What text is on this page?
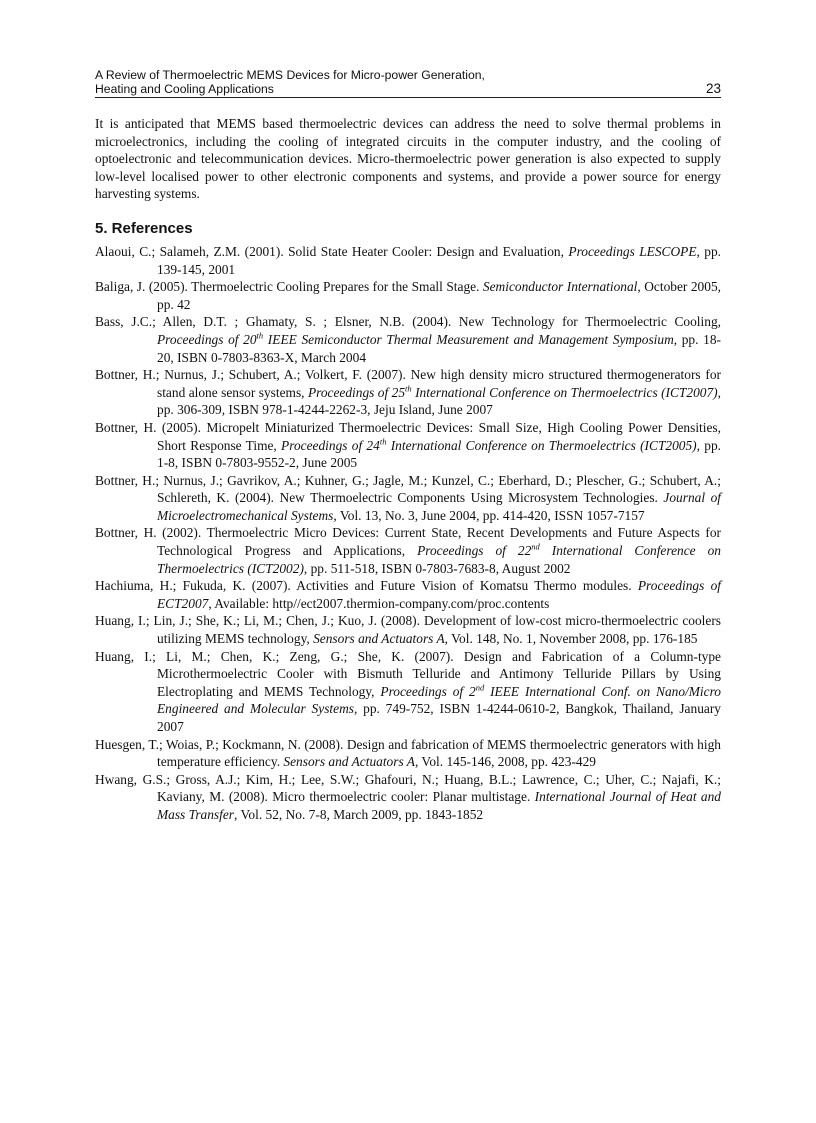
A Review of Thermoelectric MEMS Devices for Micro-power Generation,
Heating and Cooling Applications	23

It is anticipated that MEMS based thermoelectric devices can address the need to solve thermal problems in microelectronics, including the cooling of integrated circuits in the computer industry, and the cooling of optoelectronic and telecommunication devices. Micro-thermoelectric power generation is also expected to supply low-level localised power to other electronic components and systems, and provide a power source for energy harvesting systems.

5. References
Alaoui, C.; Salameh, Z.M. (2001). Solid State Heater Cooler: Design and Evaluation, Proceedings LESCOPE, pp. 139-145, 2001
Baliga, J. (2005). Thermoelectric Cooling Prepares for the Small Stage. Semiconductor International, October 2005, pp. 42
Bass, J.C.; Allen, D.T. ; Ghamaty, S. ; Elsner, N.B. (2004). New Technology for Thermoelectric Cooling, Proceedings of 20th IEEE Semiconductor Thermal Measurement and Management Symposium, pp. 18-20, ISBN 0-7803-8363-X, March 2004
Bottner, H.; Nurnus, J.; Schubert, A.; Volkert, F. (2007). New high density micro structured thermogenerators for stand alone sensor systems, Proceedings of 25th International Conference on Thermoelectrics (ICT2007), pp. 306-309, ISBN 978-1-4244-2262-3, Jeju Island, June 2007
Bottner, H. (2005). Micropelt Miniaturized Thermoelectric Devices: Small Size, High Cooling Power Densities, Short Response Time, Proceedings of 24th International Conference on Thermoelectrics (ICT2005), pp. 1-8, ISBN 0-7803-9552-2, June 2005
Bottner, H.; Nurnus, J.; Gavrikov, A.; Kuhner, G.; Jagle, M.; Kunzel, C.; Eberhard, D.; Plescher, G.; Schubert, A.; Schlereth, K. (2004). New Thermoelectric Components Using Microsystem Technologies. Journal of Microelectromechanical Systems, Vol. 13, No. 3, June 2004, pp. 414-420, ISSN 1057-7157
Bottner, H. (2002). Thermoelectric Micro Devices: Current State, Recent Developments and Future Aspects for Technological Progress and Applications, Proceedings of 22nd International Conference on Thermoelectrics (ICT2002), pp. 511-518, ISBN 0-7803-7683-8, August 2002
Hachiuma, H.; Fukuda, K. (2007). Activities and Future Vision of Komatsu Thermo modules. Proceedings of ECT2007, Available: http//ect2007.thermion-company.com/proc.contents
Huang, I.; Lin, J.; She, K.; Li, M.; Chen, J.; Kuo, J. (2008). Development of low-cost micro-thermoelectric coolers utilizing MEMS technology, Sensors and Actuators A, Vol. 148, No. 1, November 2008, pp. 176-185
Huang, I.; Li, M.; Chen, K.; Zeng, G.; She, K. (2007). Design and Fabrication of a Column-type Microthermoelectric Cooler with Bismuth Telluride and Antimony Telluride Pillars by Using Electroplating and MEMS Technology, Proceedings of 2nd IEEE International Conf. on Nano/Micro Engineered and Molecular Systems, pp. 749-752, ISBN 1-4244-0610-2, Bangkok, Thailand, January 2007
Huesgen, T.; Woias, P.; Kockmann, N. (2008). Design and fabrication of MEMS thermoelectric generators with high temperature efficiency. Sensors and Actuators A, Vol. 145-146, 2008, pp. 423-429
Hwang, G.S.; Gross, A.J.; Kim, H.; Lee, S.W.; Ghafouri, N.; Huang, B.L.; Lawrence, C.; Uher, C.; Najafi, K.; Kaviany, M. (2008). Micro thermoelectric cooler: Planar multistage. International Journal of Heat and Mass Transfer, Vol. 52, No. 7-8, March 2009, pp. 1843-1852
